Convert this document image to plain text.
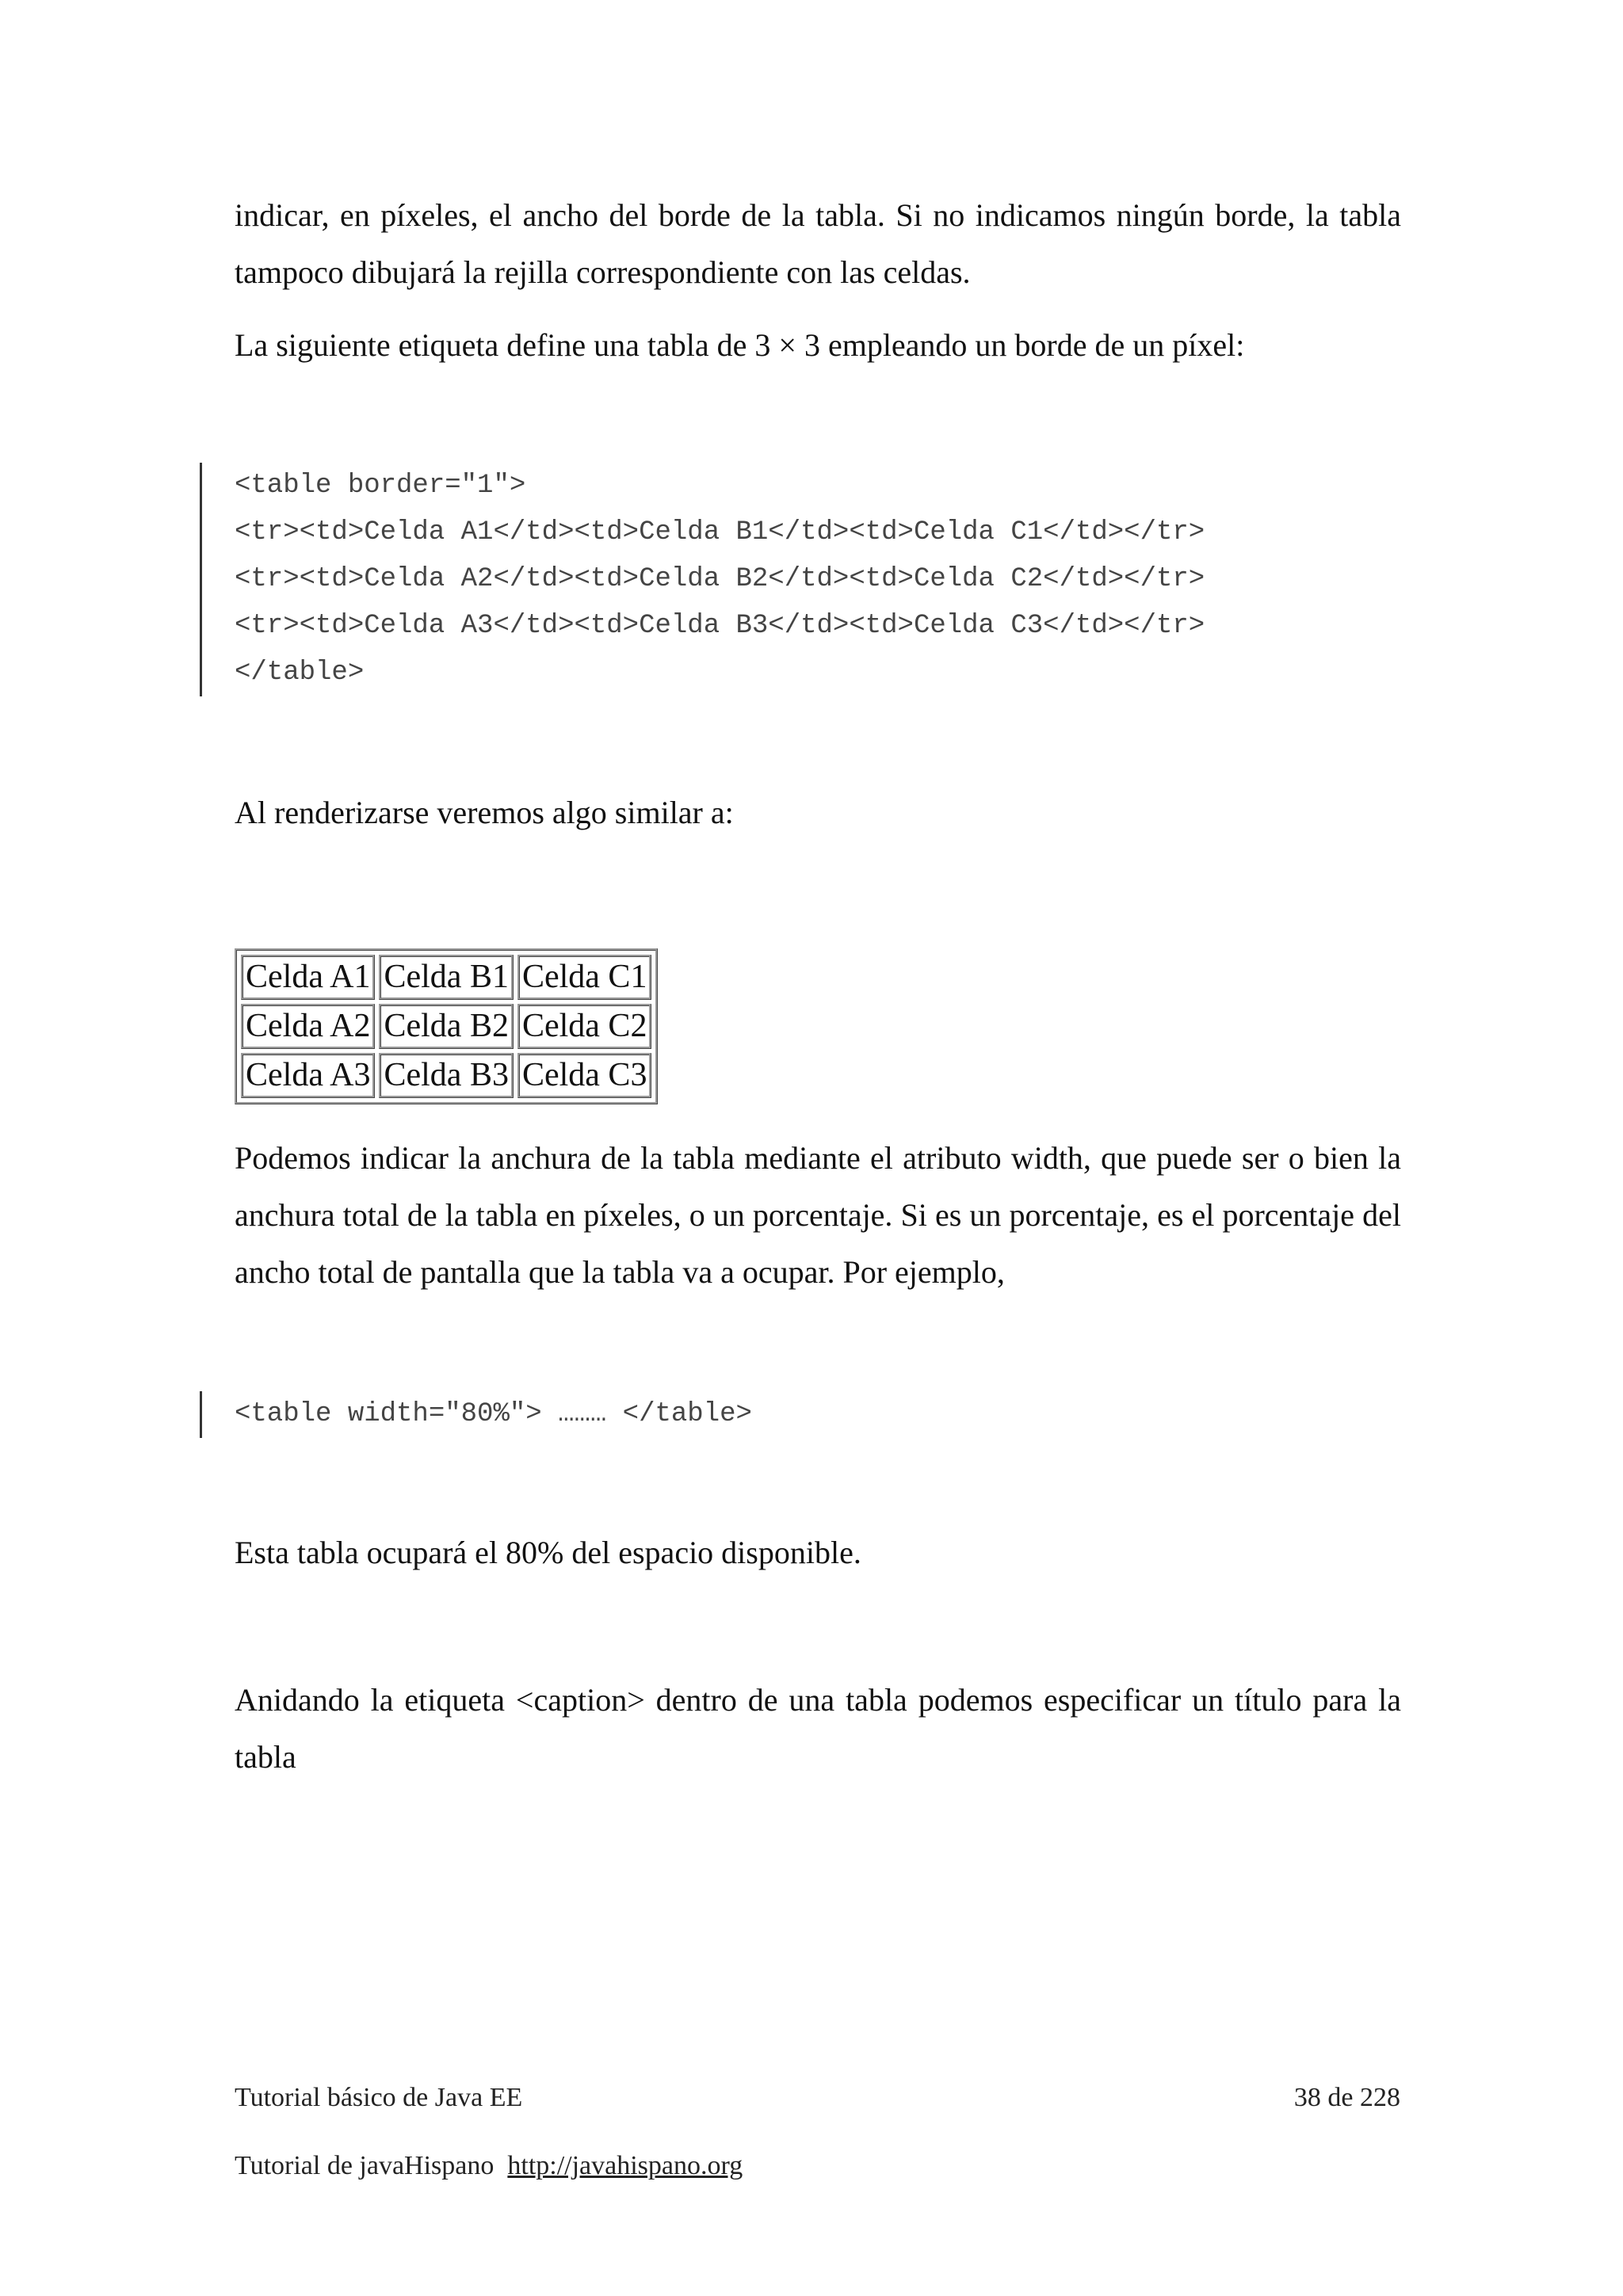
indicar, en píxeles, el ancho del borde de la tabla. Si no indicamos ningún borde, la tabla tampoco dibujará la rejilla correspondiente con las celdas.

La siguiente etiqueta define una tabla de 3 × 3 empleando un borde de un píxel:

<table border="1">
<tr><td>Celda A1</td><td>Celda B1</td><td>Celda C1</td></tr>
<tr><td>Celda A2</td><td>Celda B2</td><td>Celda C2</td></tr>
<tr><td>Celda A3</td><td>Celda B3</td><td>Celda C3</td></tr>
</table>

Al renderizarse veremos algo similar a:

Celda A1	Celda B1	Celda C1
Celda A2	Celda B2	Celda C2
Celda A3	Celda B3	Celda C3

Podemos indicar la anchura de la tabla mediante el atributo width, que puede ser o bien la anchura total de la tabla en píxeles, o un porcentaje. Si es un porcentaje, es el porcentaje del ancho total de pantalla que la tabla va a ocupar. Por ejemplo,

<table width="80%"> ……… </table>

Esta tabla ocupará el 80% del espacio disponible.

Anidando la etiqueta <caption> dentro de una tabla podemos especificar un título para la tabla

Tutorial básico de Java EE	38 de 228
Tutorial de javaHispano http://javahispano.org
